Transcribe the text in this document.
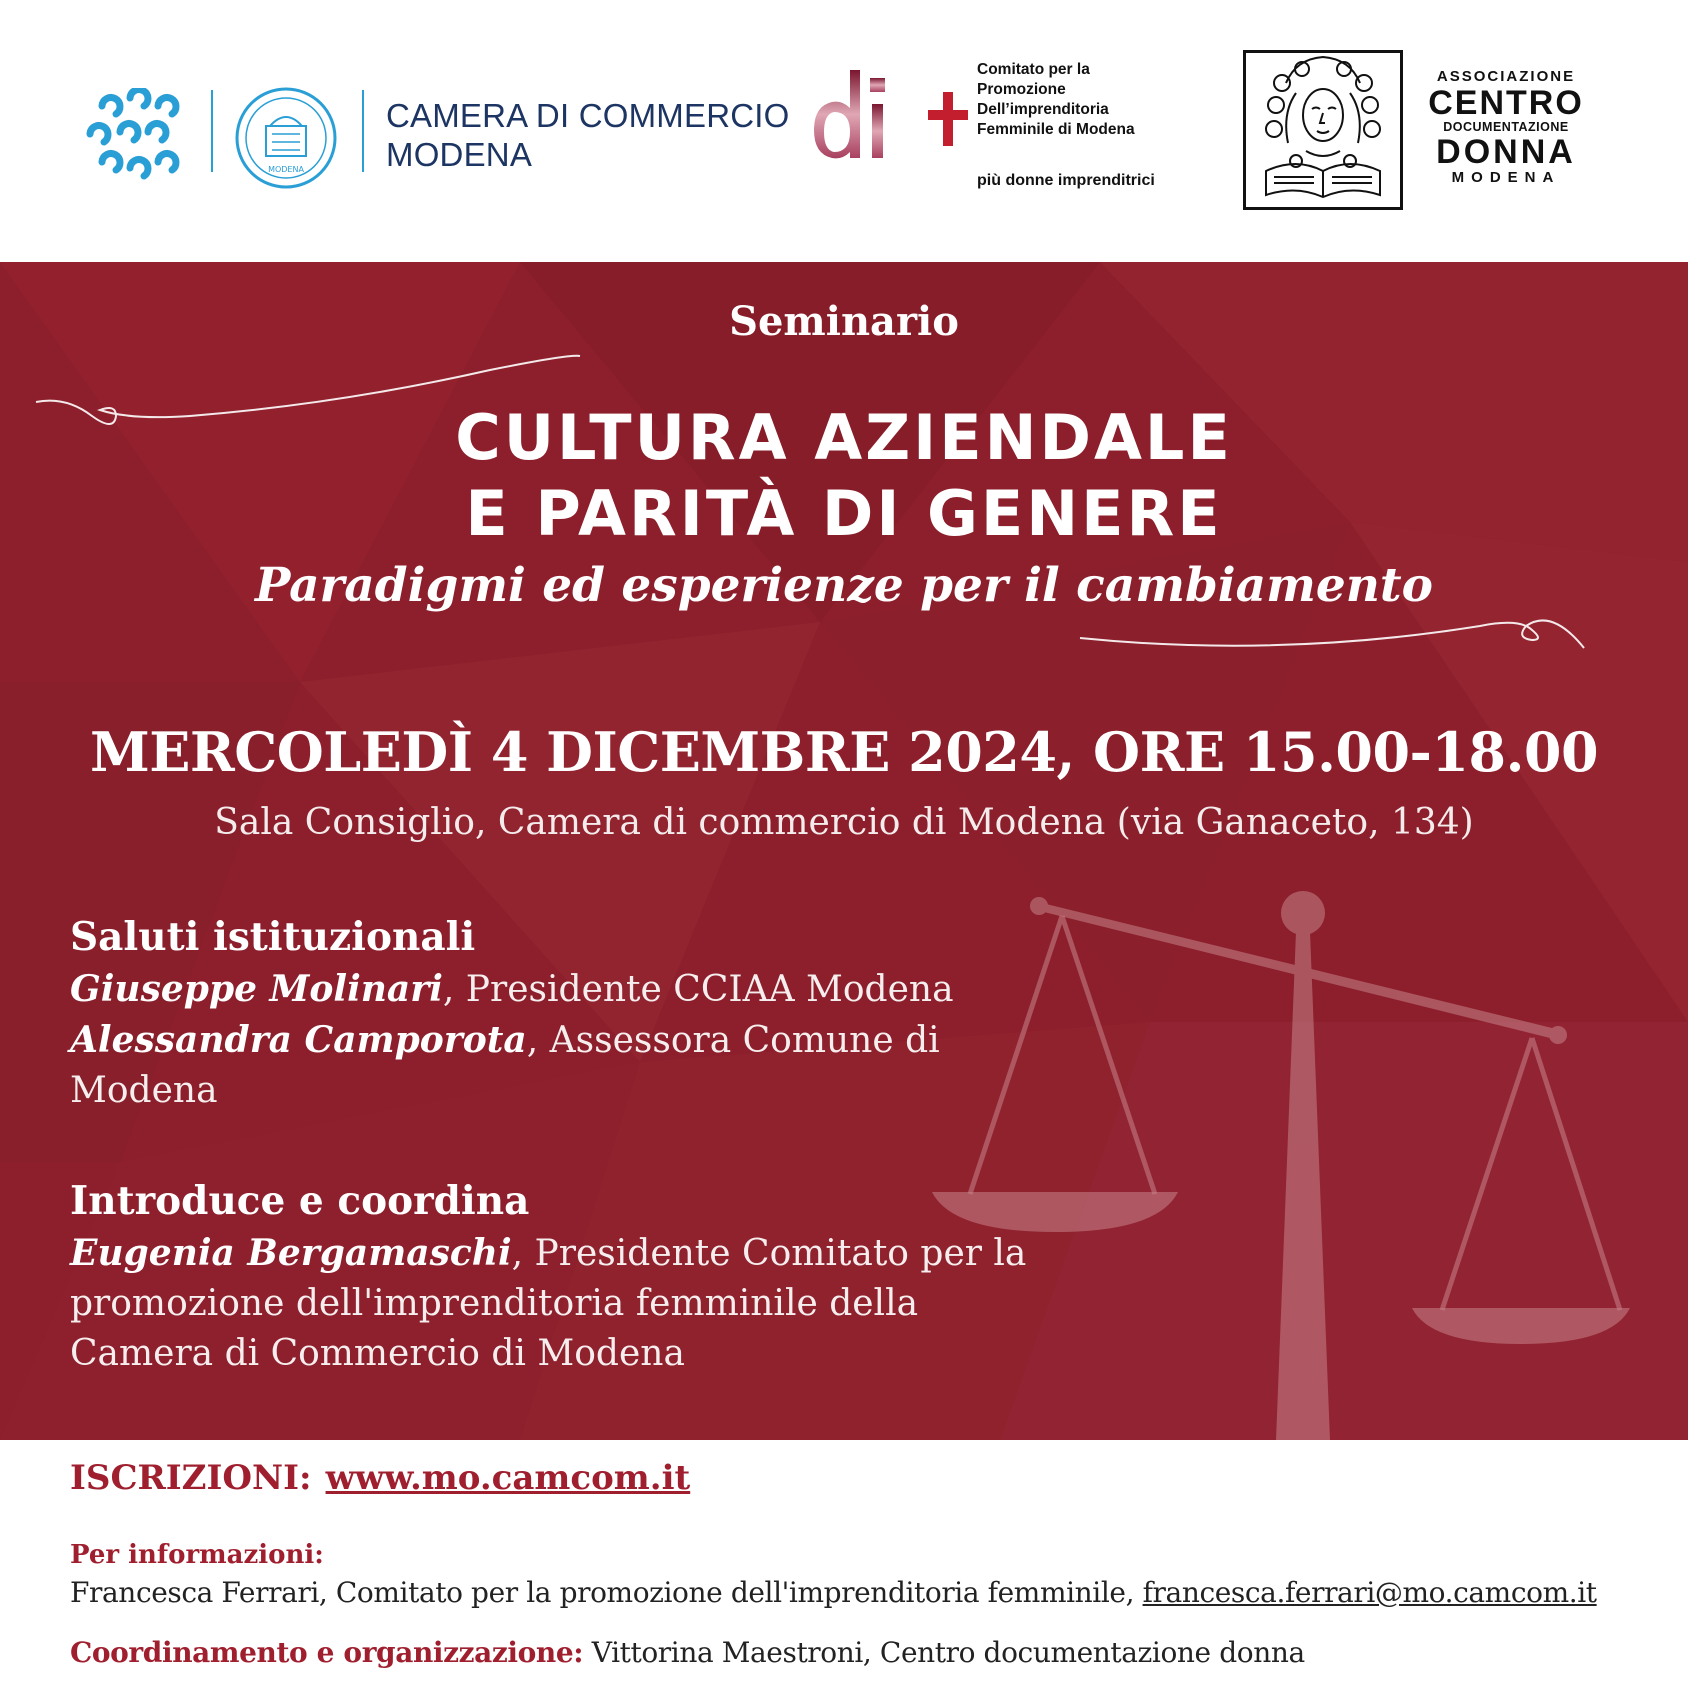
MODENA
CAMERA DI COMMERCIO
MODENA
Comitato per la
Promozione
Dell’imprenditoria
Femminile di Modena
più donne imprenditrici
ASSOCIAZIONE
CENTRO
DOCUMENTAZIONE
DONNA
MODENA
Seminario
CULTURA AZIENDALE
E PARITÀ DI GENERE
Paradigmi ed esperienze per il cambiamento
MERCOLEDÌ 4 DICEMBRE 2024, ORE 15.00-18.00
Sala Consiglio, Camera di commercio di Modena (via Ganaceto, 134)
Saluti istituzionali
Giuseppe Molinari, Presidente CCIAA Modena
Alessandra Camporota, Assessora Comune di
Modena
Introduce e coordina
Eugenia Bergamaschi, Presidente Comitato per la
promozione dell'imprenditoria femminile della
Camera di Commercio di Modena
ISCRIZIONI: www.mo.camcom.it
Per informazioni:
Francesca Ferrari, Comitato per la promozione dell'imprenditoria femminile, francesca.ferrari@mo.camcom.it
Coordinamento e organizzazione: Vittorina Maestroni, Centro documentazione donna
